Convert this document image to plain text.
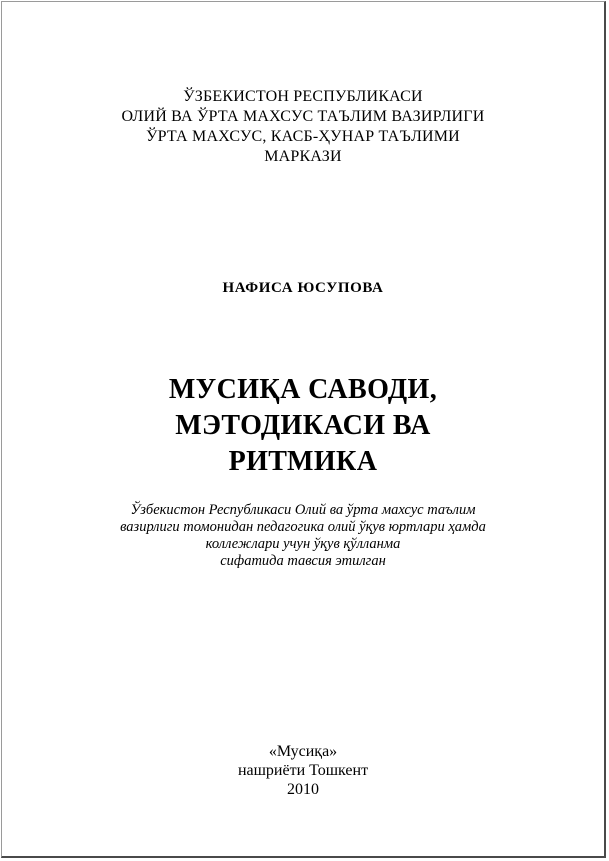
ЎЗБЕКИСТОН РЕСПУБЛИКАСИ
ОЛИЙ ВА ЎРТА МАХСУС ТАЪЛИМ ВАЗИРЛИГИ
ЎРТА МАХСУС, КАСБ-ҲУНАР ТАЪЛИМИ
МАРКАЗИ
НАФИСА ЮСУПОВА
МУСИҚА САВОДИ,
МЭТОДИКАСИ ВА
РИТМИКА
Ўзбекистон Республикаси Олий ва ўрта махсус таълим
вазирлиги томонидан педагогика олий ўқув юртлари ҳамда
коллежлари учун ўқув қўлланма
сифатида тавсия этилган
«Мусиқа»
нашриёти Тошкент
2010
